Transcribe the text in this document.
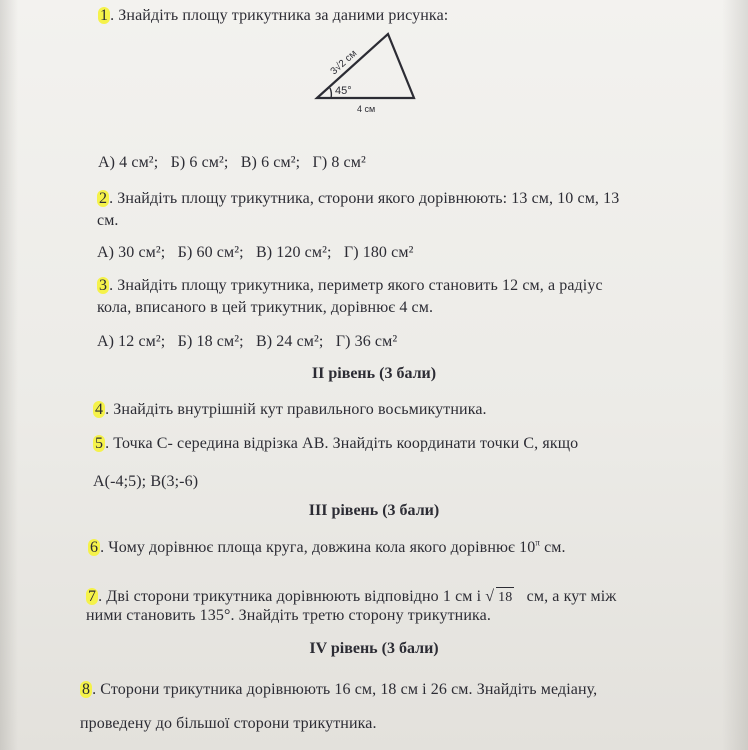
1 . Знайдіть площу трикутника за даними рисунка:
3√2 см
45°
4 см
А) 4 см²; Б) 6 см²; В) 6 см²; Г) 8 см²
2 . Знайдіть площу трикутника, сторони якого дорівнюють: 13 см, 10 см, 13
см.
А) 30 см²; Б) 60 см²; В) 120 см²; Г) 180 см²
3 . Знайдіть площу трикутника, периметр якого становить 12 см, а радіус
кола, вписаного в цей трикутник, дорівнює 4 см.
А) 12 см²; Б) 18 см²; В) 24 см²; Г) 36 см²
ІІ рівень (3 бали)
4 . Знайдіть внутрішній кут правильного восьмикутника.
5 . Точка С- середина відрізка АВ. Знайдіть координати точки С, якщо
А(-4;5); В(3;-6)
ІІІ рівень (3 бали)
6 . Чому дорівнює площа круга, довжина кола якого дорівнює $10^\pi$ см.
7 . Дві сторони трикутника дорівнюють відповідно 1 см і √ 18 см, а кут між
ними становить 135°. Знайдіть третю сторону трикутника.
ІV рівень (3 бали)
8 . Сторони трикутника дорівнюють 16 см, 18 см і 26 см. Знайдіть медіану,
проведену до більшої сторони трикутника.
